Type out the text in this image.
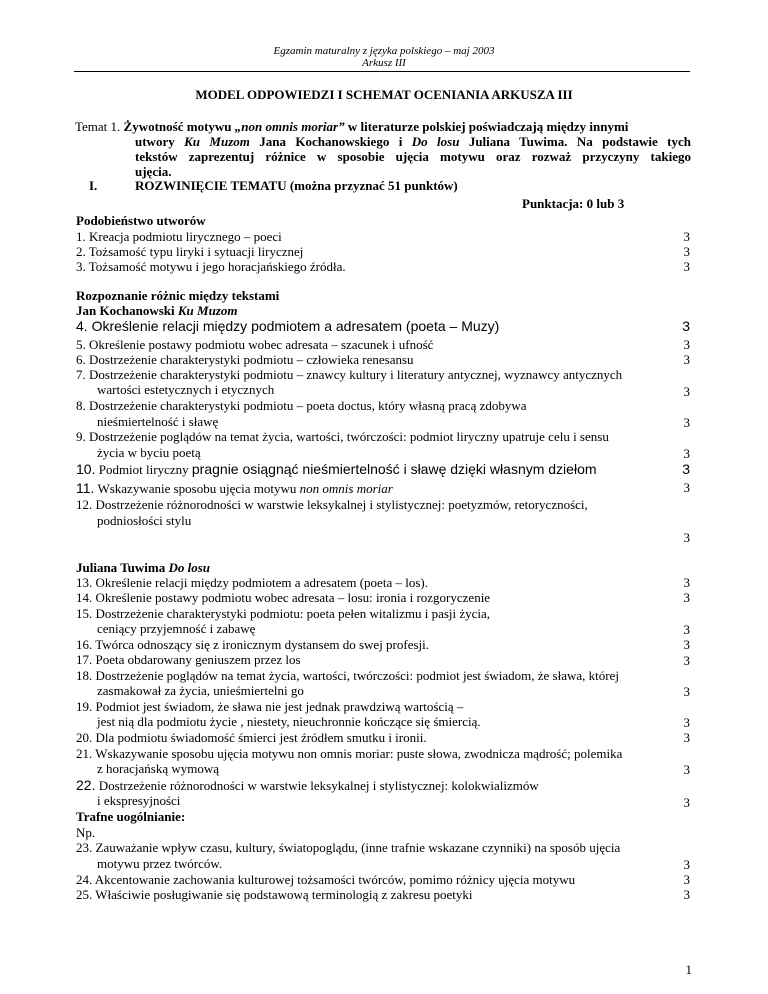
Egzamin maturalny z języka polskiego – maj 2003
Arkusz III
MODEL ODPOWIEDZI I SCHEMAT OCENIANIA ARKUSZA III
Temat 1. Żywotność motywu „non omnis moriar” w literaturze polskiej poświadczają między innymi
utwory Ku Muzom Jana Kochanowskiego i Do losu Juliana Tuwima. Na podstawie tych
tekstów zaprezentuj różnice w sposobie ujęcia motywu oraz rozważ przyczyny takiego
ujęcia.
I.	ROZWINIĘCIE TEMATU (można przyznać 51 punktów)
Punktacja: 0 lub 3
Podobieństwo utworów
1. Kreacja podmiotu lirycznego – poeci	3
2. Tożsamość typu liryki i sytuacji lirycznej	3
3. Tożsamość motywu i jego horacjańskiego źródła.	3
Rozpoznanie różnic między tekstami
Jan Kochanowski Ku Muzom
4. Określenie relacji między podmiotem a adresatem (poeta – Muzy)	3
5. Określenie postawy podmiotu wobec adresata – szacunek i ufność	3
6. Dostrzeżenie charakterystyki podmiotu – człowieka renesansu	3
7. Dostrzeżenie charakterystyki podmiotu – znawcy kultury i literatury antycznej, wyznawcy antycznych
wartości estetycznych i etycznych	3
8. Dostrzeżenie charakterystyki podmiotu – poeta doctus, który własną pracą zdobywa
nieśmiertelność i sławę	3
9. Dostrzeżenie poglądów na temat życia, wartości, twórczości: podmiot liryczny upatruje celu i sensu
życia w byciu poetą	3
10. Podmiot liryczny pragnie osiągnąć nieśmiertelność i sławę dzięki własnym dziełom	3
11. Wskazywanie sposobu ujęcia motywu non omnis moriar	3
12. Dostrzeżenie różnorodności w warstwie leksykalnej i stylistycznej: poetyzmów, retoryczności,
podniosłości stylu
3
Juliana Tuwima Do losu
13. Określenie relacji między podmiotem a adresatem (poeta – los).	3
14. Określenie postawy podmiotu wobec adresata – losu: ironia i rozgoryczenie	3
15. Dostrzeżenie charakterystyki podmiotu: poeta pełen witalizmu i pasji życia,
ceniący przyjemność i zabawę	3
16. Twórca odnoszący się z ironicznym dystansem do swej profesji.	3
17. Poeta obdarowany geniuszem przez los	3
18. Dostrzeżenie poglądów na temat życia, wartości, twórczości: podmiot jest świadom, że sława, której
zasmakował za życia, unieśmiertelni go	3
19. Podmiot jest świadom, że sława nie jest jednak prawdziwą wartością –
jest nią dla podmiotu życie , niestety, nieuchronnie kończące się śmiercią.	3
20. Dla podmiotu świadomość śmierci jest źródłem smutku i ironii.	3
21. Wskazywanie sposobu ujęcia motywu non omnis moriar: puste słowa, zwodnicza mądrość; polemika
z horacjańską wymową	3
22. Dostrzeżenie różnorodności w warstwie leksykalnej i stylistycznej: kolokwializmów
i ekspresyjności	3
Trafne uogólnianie:
Np.
23. Zauważanie wpływ czasu, kultury, światopoglądu, (inne trafnie wskazane czynniki) na sposób ujęcia
motywu przez twórców.	3
24. Akcentowanie zachowania kulturowej tożsamości twórców, pomimo różnicy ujęcia motywu	3
25. Właściwie posługiwanie się podstawową terminologią z zakresu poetyki	3
1
